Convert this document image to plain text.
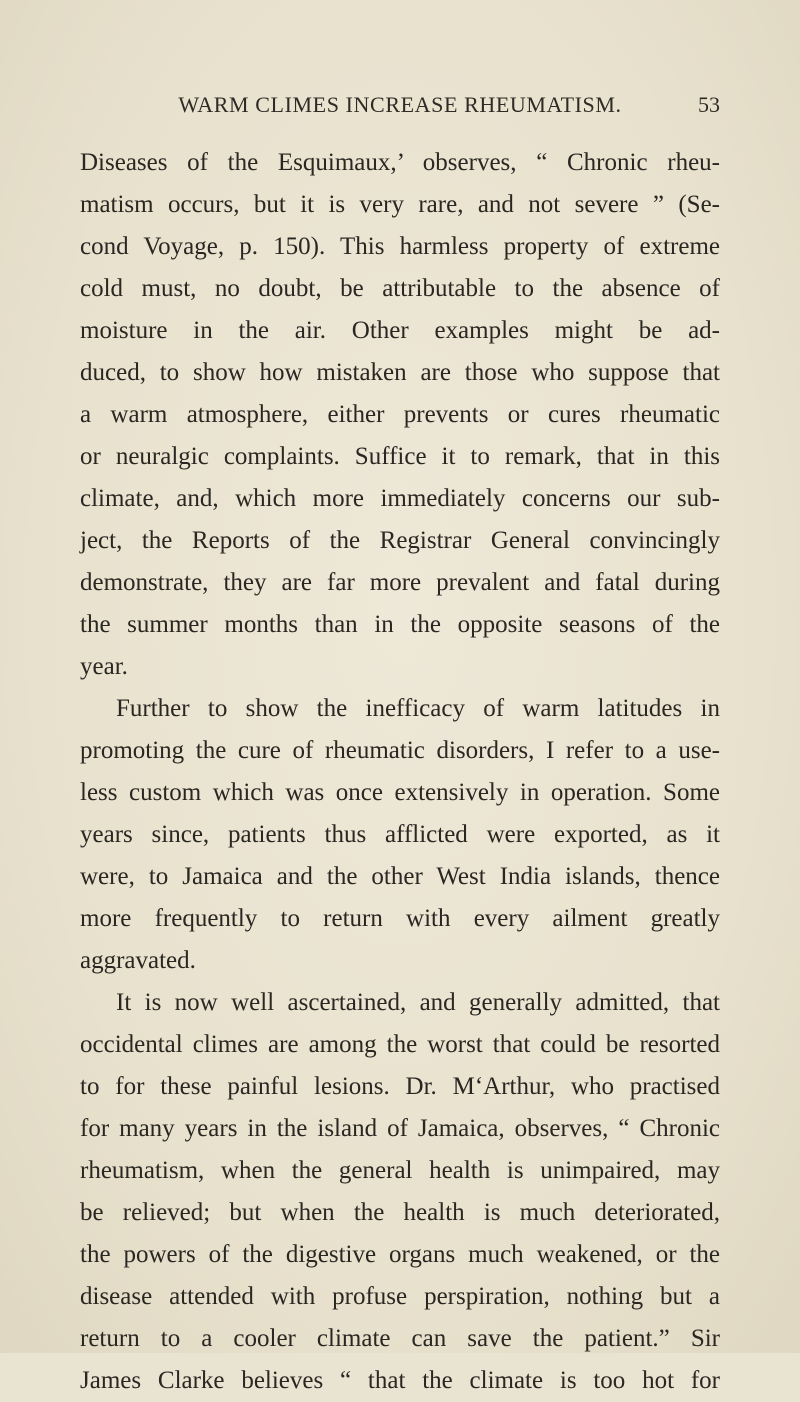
WARM CLIMES INCREASE RHEUMATISM.	53
Diseases of the Esquimaux,’ observes, “ Chronic rheu-
matism occurs, but it is very rare, and not severe ” (Se-
cond Voyage, p. 150). This harmless property of extreme
cold must, no doubt, be attributable to the absence of
moisture in the air. Other examples might be ad-
duced, to show how mistaken are those who suppose that
a warm atmosphere, either prevents or cures rheumatic
or neuralgic complaints. Suffice it to remark, that in this
climate, and, which more immediately concerns our sub-
ject, the Reports of the Registrar General convincingly
demonstrate, they are far more prevalent and fatal during
the summer months than in the opposite seasons of the
year.
Further to show the inefficacy of warm latitudes in
promoting the cure of rheumatic disorders, I refer to a use-
less custom which was once extensively in operation. Some
years since, patients thus afflicted were exported, as it
were, to Jamaica and the other West India islands, thence
more frequently to return with every ailment greatly
aggravated.
It is now well ascertained, and generally admitted, that
occidental climes are among the worst that could be resorted
to for these painful lesions. Dr. M‘Arthur, who practised
for many years in the island of Jamaica, observes, “ Chronic
rheumatism, when the general health is unimpaired, may
be relieved; but when the health is much deteriorated,
the powers of the digestive organs much weakened, or the
disease attended with profuse perspiration, nothing but a
return to a cooler climate can save the patient.” Sir
James Clarke believes “ that the climate is too hot for
